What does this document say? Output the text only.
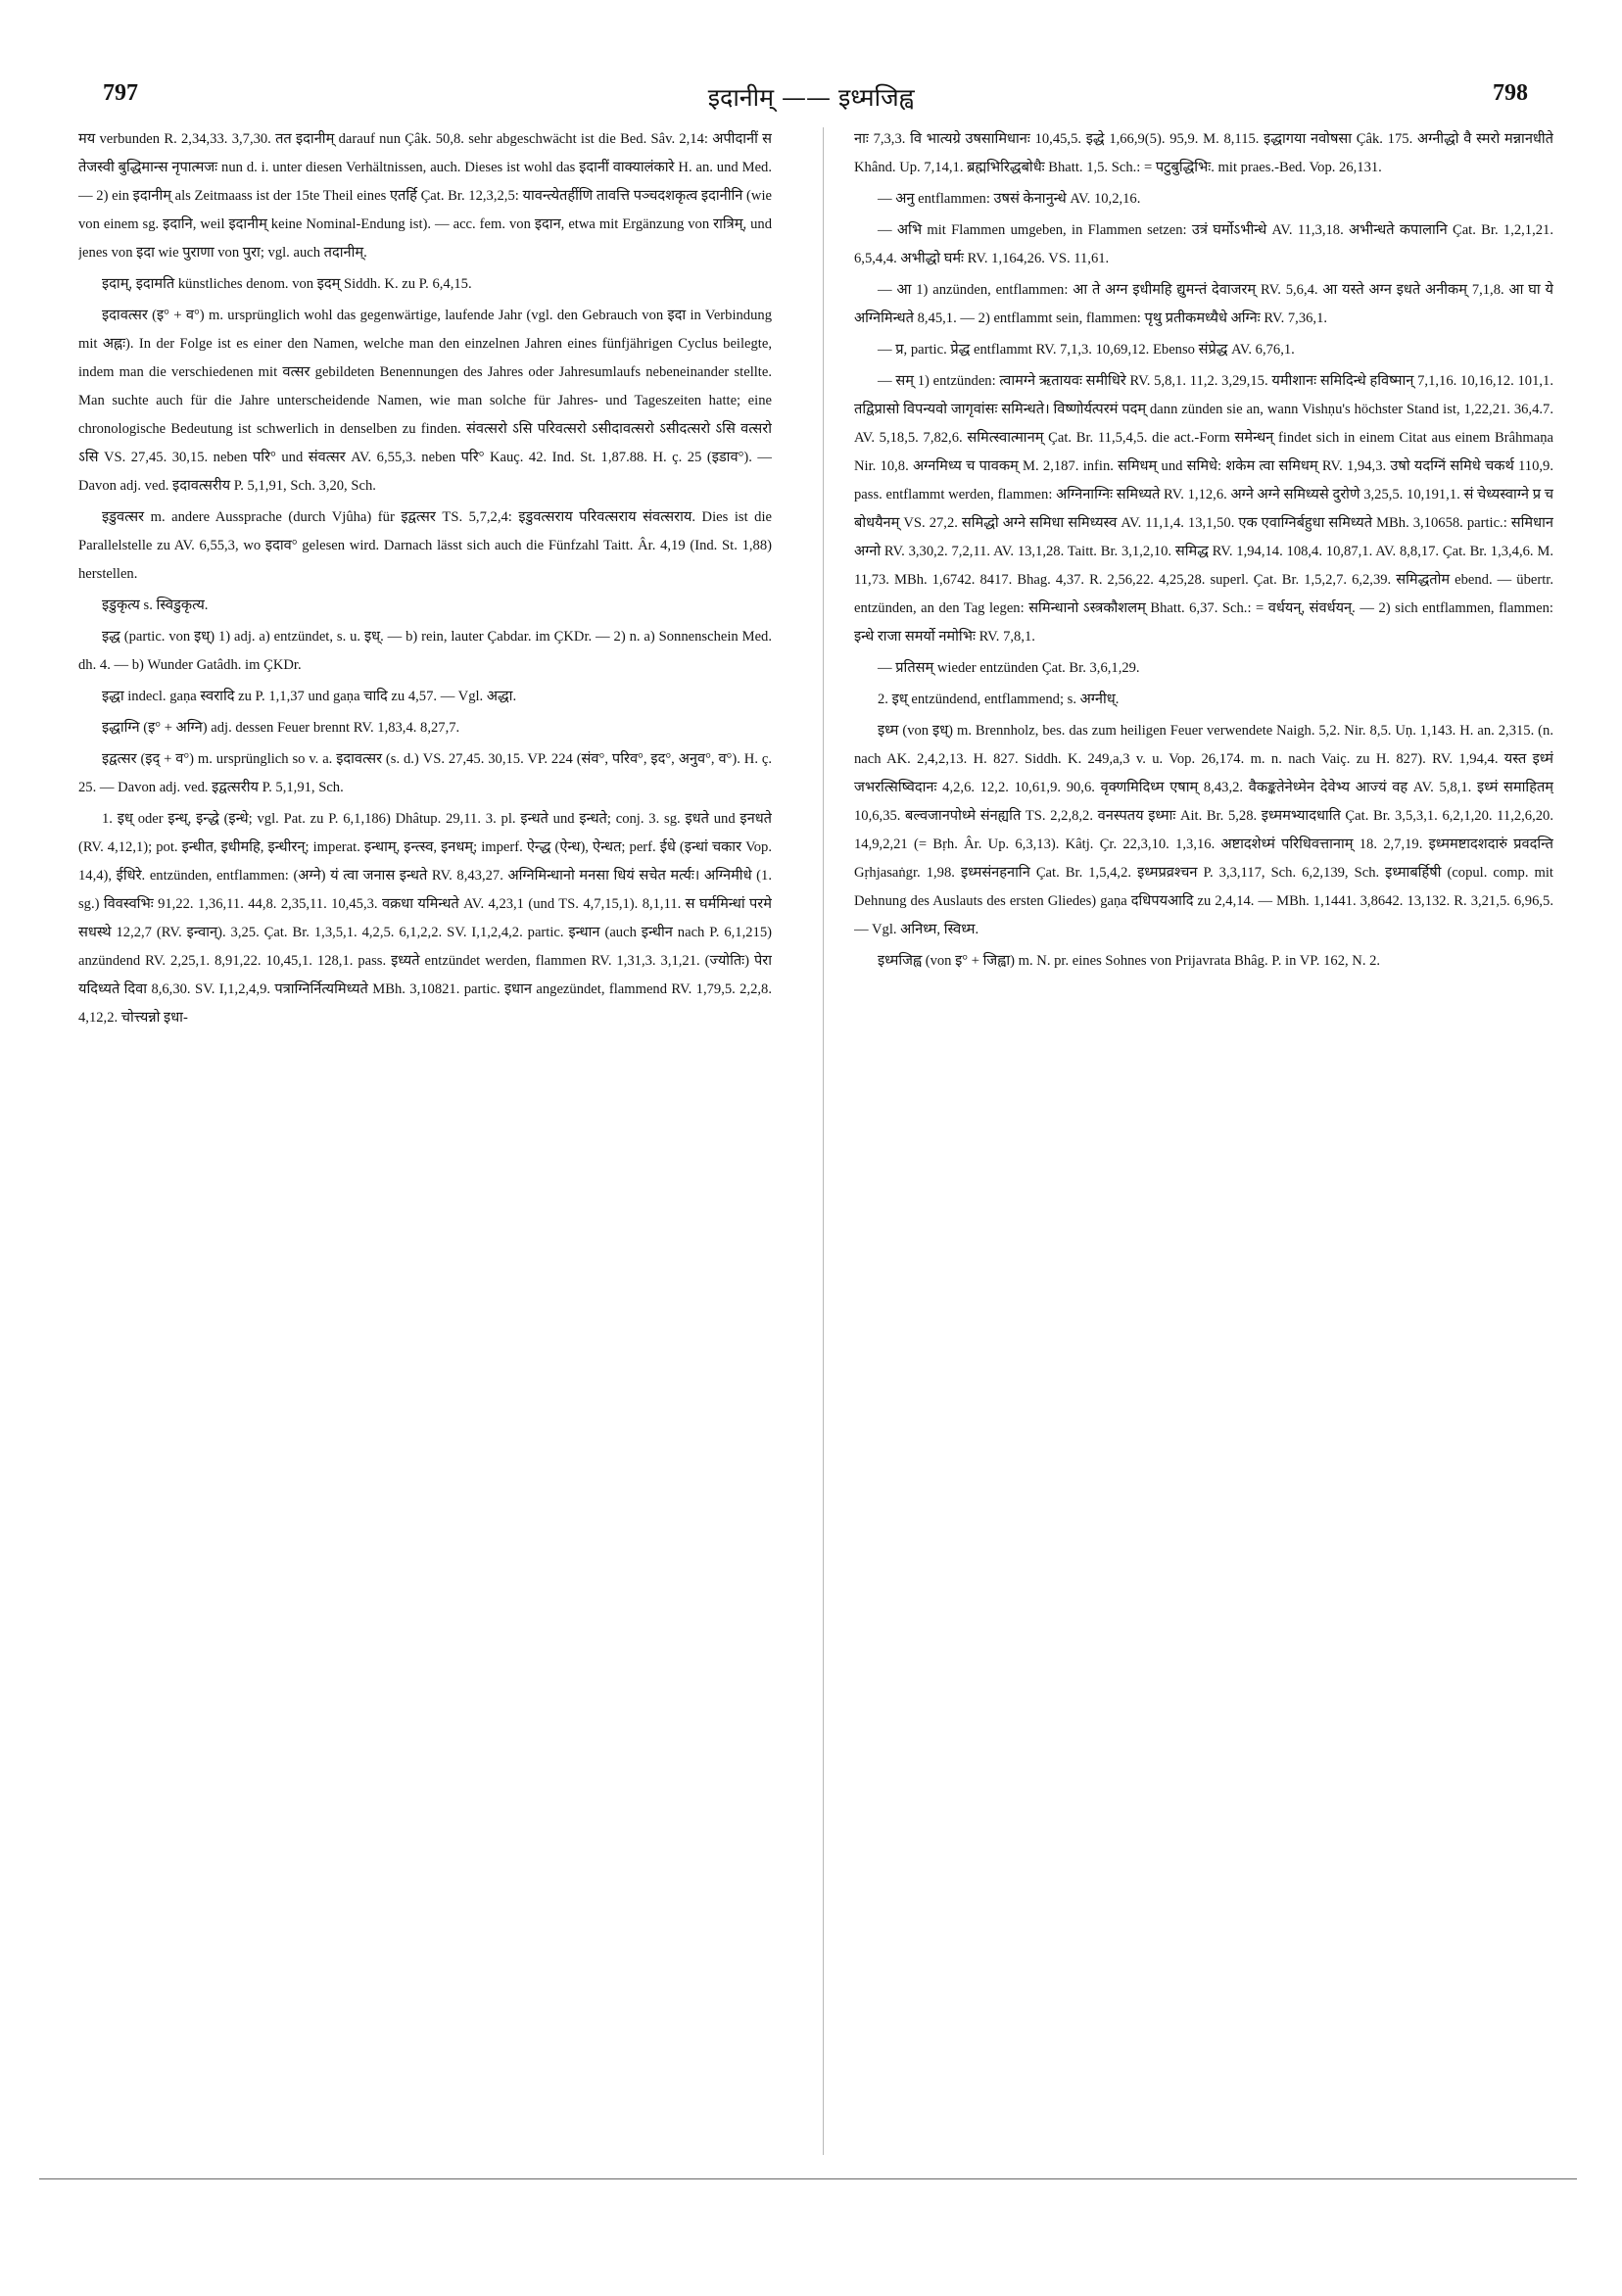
797	इदानीम् —— इध्मजिह्व	798

मय verbunden R. 2,34,33. 3,7,30. तत इदानीम् darauf nun Çâk. 50,8. sehr abgeschwächt ist die Bed. Sâv. 2,14: अपीदानीं स तेजस्वी बुद्धिमान्स नृपात्मजः nun d. i. unter diesen Verhältnissen, auch. Dieses ist wohl das इदानीं वाक्यालंकारे H. an. und Med. — 2) ein इदानीम् als Zeitmaass ist der 15te Theil eines एतर्हि Çat. Br. 12,3,2,5: यावन्त्येतर्हीणि तावत्ति पञ्चदशकृत्व इदानीनि (wie von einem sg. इदानि, weil इदानीम् keine Nominal-Endung ist). — acc. fem. von इदान, etwa mit Ergänzung von रात्रिम्, und jenes von इदा wie पुराणा von पुरा; vgl. auch तदानीम्.

इदाम्, इदामति künstliches denom. von इदम् Siddh. K. zu P. 6,4,15.

इदावत्सर (इ° + व°) m. ursprünglich wohl das gegenwärtige, laufende Jahr (vgl. den Gebrauch von इदा in Verbindung mit अह्नः). In der Folge ist es einer den Namen, welche man den einzelnen Jahren eines fünfjährigen Cyclus beilegte, indem man die verschiedenen mit वत्सर gebildeten Benennungen des Jahres oder Jahresumlaufs nebeneinander stellte. Man suchte auch für die Jahre unterscheidende Namen, wie man solche für Jahres- und Tageszeiten hatte; eine chronologische Bedeutung ist schwerlich in denselben zu finden. संवत्सरो ऽसि परिवत्सरो ऽसीदावत्सरो ऽसीदत्सरो ऽसि वत्सरो ऽसि VS. 27,45. 30,15. neben परि° und संवत्सर AV. 6,55,3. neben परि° Kauç. 42. Ind. St. 1,87.88. H. ç. 25 (इडाव°). — Davon adj. ved. इदावत्सरीय P. 5,1,91, Sch. 3,20, Sch.

इडुवत्सर m. andere Aussprache (durch Vjûha) für इद्वत्सर TS. 5,7,2,4: इडुवत्सराय परिवत्सराय संवत्सराय. Dies ist die Parallelstelle zu AV. 6,55,3, wo इदाव° gelesen wird. Darnach lässt sich auch die Fünfzahl Taitt. Âr. 4,19 (Ind. St. 1,88) herstellen.

इडुकृत्य s. स्विडुकृत्य.

इद्ध (partic. von इध्) 1) adj. a) entzündet, s. u. इध्. — b) rein, lauter Çabdar. im ÇKDr. — 2) n. a) Sonnenschein Med. dh. 4. — b) Wunder Gatâdh. im ÇKDr.

इद्धा indecl. gaṇa स्वरादि zu P. 1,1,37 und gaṇa चादि zu 4,57. — Vgl. अद्धा.

इद्धाग्नि (इ° + अग्नि) adj. dessen Feuer brennt RV. 1,83,4. 8,27,7.

इद्वत्सर (इद् + व°) m. ursprünglich so v. a. इदावत्सर (s. d.) VS. 27,45. 30,15. VP. 224 (संव°, परिव°, इद°, अनुव°, व°). H. ç. 25. — Davon adj. ved. इद्वत्सरीय P. 5,1,91, Sch.

1. इध् oder इन्ध्, इन्द्धे (इन्धे; vgl. Pat. zu P. 6,1,186) Dhâtup. 29,11. 3. pl. इन्धते und इन्धते; conj. 3. sg. इधते und इनधते (RV. 4,12,1); pot. इन्धीत, इधीमहि, इन्धीरन्; imperat. इन्धाम्, इन्त्स्व, इनधम्; imperf. ऐन्द्ध (ऐन्ध), ऐन्धत; perf. ईधे (इन्धां चकार Vop. 14,4), ईधिरे. entzünden, entflammen: (अग्ने) यं त्वा जनास इन्धते RV. 8,43,27. अग्निमिन्धानो मनसा धियं सचेत मर्त्यः। अग्निमीधे (1. sg.) विवस्वभिः 91,22. 1,36,11. 44,8. 2,35,11. 10,45,3. वक्रधा यमिन्धते AV. 4,23,1 (und TS. 4,7,15,1). 8,1,11. स घर्ममिन्धां परमे सधस्थे 12,2,7 (RV. इन्वान्). 3,25. Çat. Br. 1,3,5,1. 4,2,5. 6,1,2,2. SV. I,1,2,4,2. partic. इन्धान (auch इन्धीन nach P. 6,1,215) anzündend RV. 2,25,1. 8,91,22. 10,45,1. 128,1. pass. इध्यते entzündet werden, flammen RV. 1,31,3. 3,1,21. (ज्योतिः) पेरा यदिध्यते दिवा 8,6,30. SV. I,1,2,4,9. पत्राग्निर्नित्यमिध्यते MBh. 3,10821. partic. इधान angezündet, flammend RV. 1,79,5. 2,2,8. 4,12,2. चोत्त्यन्नो इधा-

नाः 7,3,3. वि भात्यग्रे उषसामिधानः 10,45,5. इद्धे 1,66,9(5). 95,9. M. 8,115. इद्धागया नवोषसा Çâk. 175. अग्नीद्धो वै स्मरो मन्नानधीते Khând. Up. 7,14,1. ब्रह्मभिरिद्धबोधैः Bhatt. 1,5. Sch.: = पटुबुद्धिभिः. mit praes.-Bed. Vop. 26,131.

— अनु entflammen: उषसं केनानुन्धे AV. 10,2,16.

— अभि mit Flammen umgeben, in Flammen setzen: उत्रं घर्मोऽभीन्धे AV. 11,3,18. अभीन्धते कपालानि Çat. Br. 1,2,1,21. 6,5,4,4. अभीद्धो घर्मः RV. 1,164,26. VS. 11,61.

— आ 1) anzünden, entflammen: आ ते अग्न इधीमहि द्युमन्तं देवाजरम् RV. 5,6,4. आ यस्ते अग्न इधते अनीकम् 7,1,8. आ घा ये अग्निमिन्धते 8,45,1. — 2) entflammt sein, flammen: पृथु प्रतीकमध्यैधे अग्निः RV. 7,36,1.

— प्र, partic. प्रेद्ध entflammt RV. 7,1,3. 10,69,12. Ebenso संप्रेद्ध AV. 6,76,1.

— सम् 1) entzünden: त्वामग्ने ऋतायवः समीधिरे RV. 5,8,1. 11,2. 3,29,15. यमीशानः समिदिन्धे हविष्मान् 7,1,16. 10,16,12. 101,1. तद्विप्रासो विपन्यवो जागृवांसः समिन्धते। विष्णोर्यत्परमं पदम् dann zünden sie an, wann Vishṇu's höchster Stand ist, 1,22,21. 36,4.7. AV. 5,18,5. 7,82,6. समित्स्वात्मानम् Çat. Br. 11,5,4,5. die act.-Form समेन्धन् findet sich in einem Citat aus einem Brâhmaṇa Nir. 10,8. अग्नमिध्य च पावकम् M. 2,187. infin. समिधम् und समिधे: शकेम त्वा समिधम् RV. 1,94,3. उषो यदग्निं समिधे चकर्थ 110,9. pass. entflammt werden, flammen: अग्निनाग्निः समिध्यते RV. 1,12,6. अग्ने अग्ने समिध्यसे दुरोणे 3,25,5. 10,191,1. सं चेध्यस्वाग्ने प्र च बोधयैनम् VS. 27,2. समिद्धो अग्ने समिधा समिध्यस्व AV. 11,1,4. 13,1,50. एक एवाग्निर्बहुधा समिध्यते MBh. 3,10658. partic.: समिधान अग्नो RV. 3,30,2. 7,2,11. AV. 13,1,28. Taitt. Br. 3,1,2,10. समिद्ध RV. 1,94,14. 108,4. 10,87,1. AV. 8,8,17. Çat. Br. 1,3,4,6. M. 11,73. MBh. 1,6742. 8417. Bhag. 4,37. R. 2,56,22. 4,25,28. superl. Çat. Br. 1,5,2,7. 6,2,39. समिद्धतोम ebend. — übertr. entzünden, an den Tag legen: समिन्धानो ऽस्त्रकौशलम् Bhatt. 6,37. Sch.: = वर्धयन्, संवर्धयन्. — 2) sich entflammen, flammen: इन्धे राजा समर्यो नमोभिः RV. 7,8,1.

— प्रतिसम् wieder entzünden Çat. Br. 3,6,1,29.

2. इध् entzündend, entflammend; s. अग्नीध्.

इध्म (von इध्) m. Brennholz, bes. das zum heiligen Feuer verwendete Naigh. 5,2. Nir. 8,5. Uṇ. 1,143. H. an. 2,315. (n. nach AK. 2,4,2,13. H. 827. Siddh. K. 249,a,3 v. u. Vop. 26,174. m. n. nach Vaiç. zu H. 827). RV. 1,94,4. यस्त इध्मं जभरत्सिष्विदानः 4,2,6. 12,2. 10,61,9. 90,6. वृक्णमिदिध्म एषाम् 8,43,2. वैकङ्कतेनेध्मेन देवेभ्य आज्यं वह AV. 5,8,1. इध्मं समाहितम् 10,6,35. बल्वजानपोध्मे संनह्यति TS. 2,2,8,2. वनस्पतय इध्माः Ait. Br. 5,28. इध्ममभ्यादधाति Çat. Br. 3,5,3,1. 6,2,1,20. 11,2,6,20. 14,9,2,21 (= Bṛh. Âr. Up. 6,3,13). Kâtj. Çr. 22,3,10. 1,3,16. अष्टादशेध्मं परिधिवत्तानाम् 18. 2,7,19. इध्ममष्टादशदारुं प्रवदन्ति Gṛhjasaṅgr. 1,98. इध्मसंनहनानि Çat. Br. 1,5,4,2. इध्मप्रव्रश्चन P. 3,3,117, Sch. 6,2,139, Sch. इध्माबर्हिषी (copul. comp. mit Dehnung des Auslauts des ersten Gliedes) gaṇa दधिपयआदि zu 2,4,14. — MBh. 1,1441. 3,8642. 13,132. R. 3,21,5. 6,96,5. — Vgl. अनिध्म, स्विध्म.

इध्मजिह्व (von इ° + जिह्वा) m. N. pr. eines Sohnes von Prijavrata Bhâg. P. in VP. 162, N. 2.
